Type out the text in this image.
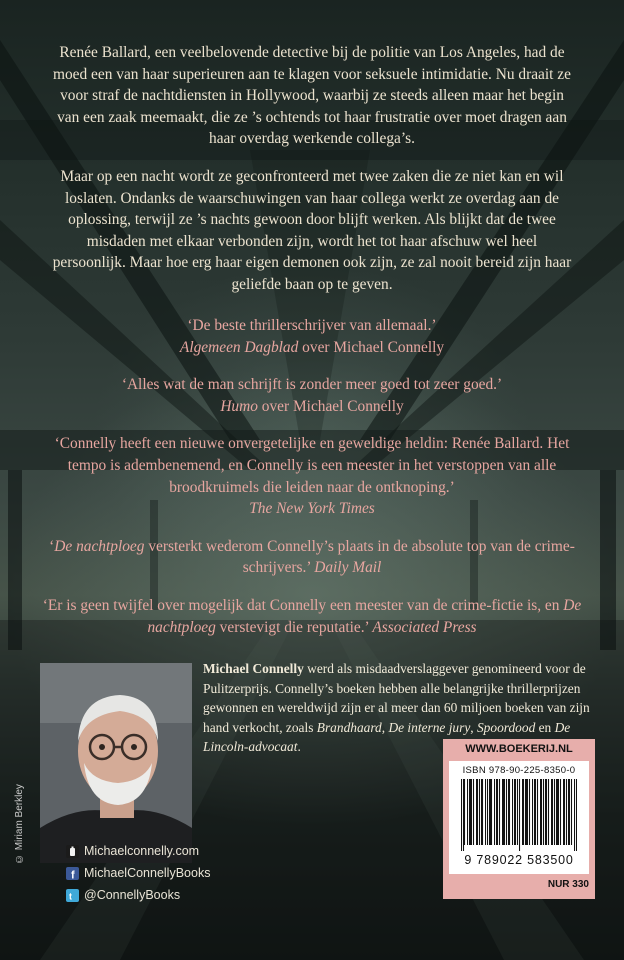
Renée Ballard, een veelbelovende detective bij de politie van Los Angeles, had de moed een van haar superieuren aan te klagen voor seksuele intimidatie. Nu draait ze voor straf de nachtdiensten in Hollywood, waarbij ze steeds alleen maar het begin van een zaak meemaakt, die ze ’s ochtends tot haar frustratie over moet dragen aan haar overdag werkende collega’s.

Maar op een nacht wordt ze geconfronteerd met twee zaken die ze niet kan en wil loslaten. Ondanks de waarschuwingen van haar collega werkt ze overdag aan de oplossing, terwijl ze ’s nachts gewoon door blijft werken. Als blijkt dat de twee misdaden met elkaar verbonden zijn, wordt het tot haar afschuw wel heel persoonlijk. Maar hoe erg haar eigen demonen ook zijn, ze zal nooit bereid zijn haar geliefde baan op te geven.

‘De beste thrillerschrijver van allemaal.’
Algemeen Dagblad over Michael Connelly
‘Alles wat de man schrijft is zonder meer goed tot zeer goed.’
Humo over Michael Connelly
‘Connelly heeft een nieuwe onvergetelijke en geweldige heldin: Renée Ballard. Het tempo is adembenemend, en Connelly is een meester in het verstoppen van alle broodkruimels die leiden naar de ontknoping.’
The New York Times
‘De nachtploeg versterkt wederom Connelly’s plaats in de absolute top van de crime-schrijvers.’ Daily Mail
‘Er is geen twijfel over mogelijk dat Connelly een meester van de crime-fictie is, en De nachtploeg verstevigt die reputatie.’ Associated Press
© Miriam Berkley
Michael Connelly werd als misdaadverslaggever genomineerd voor de Pulitzerprijs. Connelly’s boeken hebben alle belangrijke thrillerprijzen gewonnen en wereldwijd zijn er al meer dan 60 miljoen boeken van zijn hand verkocht, zoals Brandhaard, De interne jury, Spoordood en De Lincoln-advocaat.
Michaelconnelly.com
f MichaelConnellyBooks
t @ConnellyBooks
WWW.BOEKERIJ.NL
ISBN 978-90-225-8350-0
9 789022 583500
NUR 330
